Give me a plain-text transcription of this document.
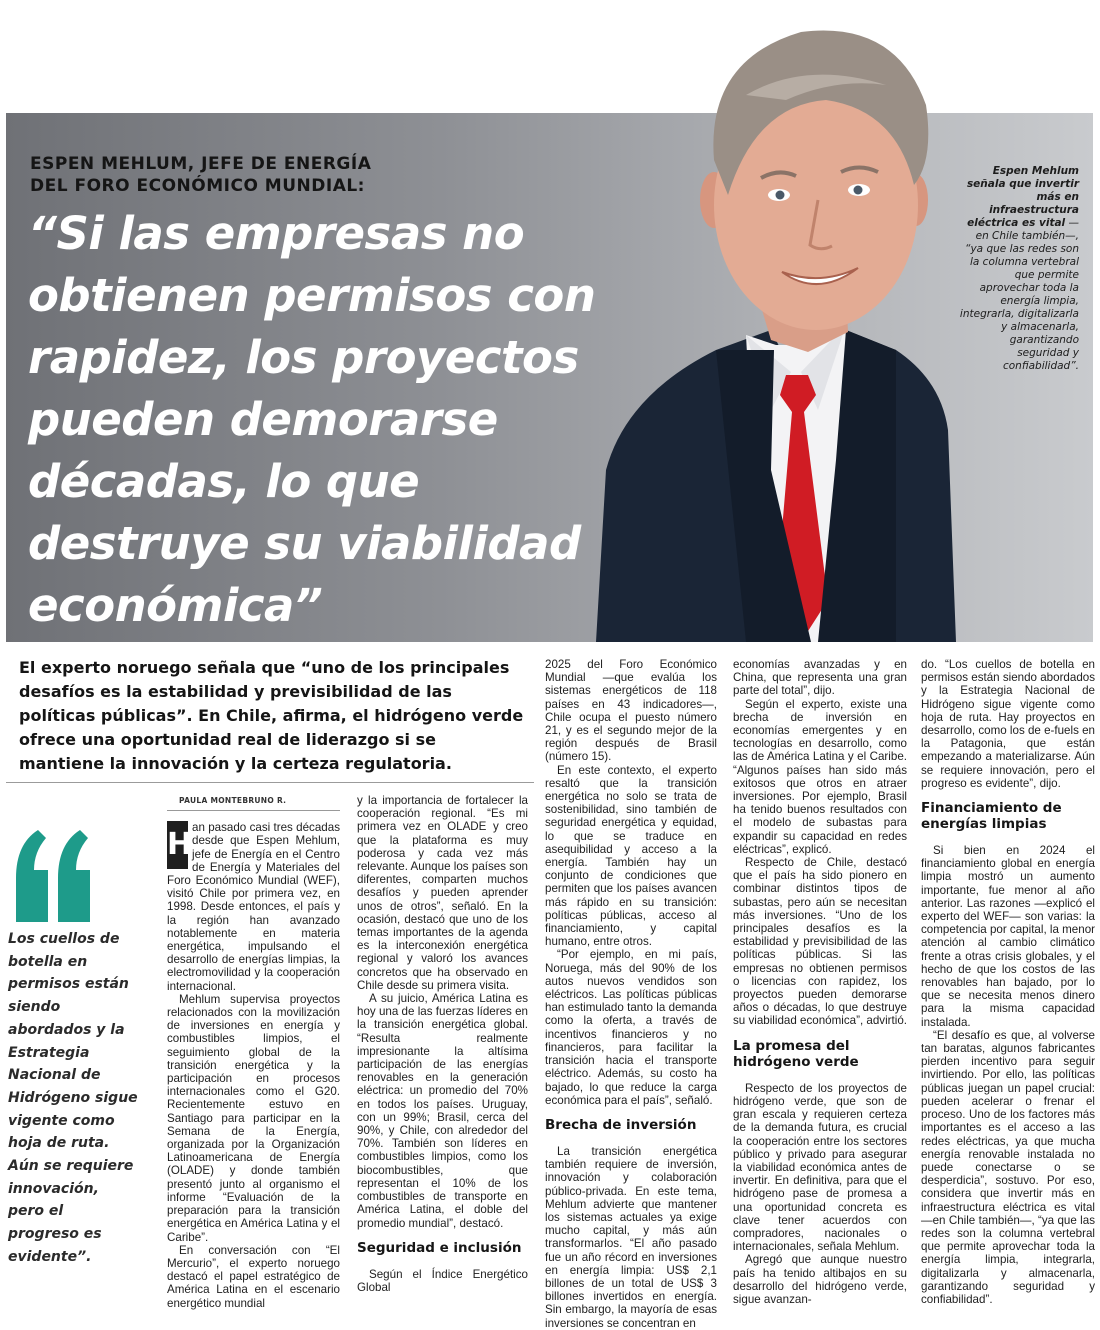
ESPEN MEHLUM, JEFE DE ENERGÍA DEL FORO ECONÓMICO MUNDIAL:
“Si las empresas no obtienen permisos con rapidez, los proyectos pueden demorarse décadas, lo que destruye su viabilidad económica”
Espen Mehlum señala que invertir más en infraestructura eléctrica es vital —en Chile también—, “ya que las redes son la columna vertebral que permite aprovechar toda la energía limpia, integrarla, digitalizarla y almacenarla, garantizando seguridad y confiabilidad”.
El experto noruego señala que “uno de los principales desafíos es la estabilidad y previsibilidad de las políticas públicas”. En Chile, afirma, el hidrógeno verde ofrece una oportunidad real de liderazgo si se mantiene la innovación y la certeza regulatoria.
Los cuellos de botella en permisos están siendo abordados y la Estrategia Nacional de Hidrógeno sigue vigente como hoja de ruta. Aún se requiere innovación, pero el progreso es evidente”.
PAULA MONTEBRUNO R.

H an pasado casi tres décadas desde que Espen Mehlum, jefe de Energía en el Centro de Energía y Materiales del Foro Económico Mundial (WEF), visitó Chile por primera vez, en 1998. Desde entonces, el país y la región han avanzado notablemente en materia energética, impulsando el desarrollo de energías limpias, la electromovilidad y la cooperación internacional.

Mehlum supervisa proyectos relacionados con la movilización de inversiones en energía y combustibles limpios, el seguimiento global de la transición energética y la participación en procesos internacionales como el G20. Recientemente estuvo en Santiago para participar en la Semana de la Energía, organizada por la Organización Latinoamericana de Energía (OLADE) y donde también presentó junto al organismo el informe “Evaluación de la preparación para la transición energética en América Latina y el Caribe”.

En conversación con “El Mercurio”, el experto noruego destacó el papel estratégico de América Latina en el escenario energético mundial

y la importancia de fortalecer la cooperación regional. “Es mi primera vez en OLADE y creo que la plataforma es muy poderosa y cada vez más relevante. Aunque los países son diferentes, comparten muchos desafíos y pueden aprender unos de otros”, señaló. En la ocasión, destacó que uno de los temas importantes de la agenda es la interconexión energética regional y valoró los avances concretos que ha observado en Chile desde su primera visita.

A su juicio, América Latina es hoy una de las fuerzas líderes en la transición energética global. “Resulta realmente impresionante la altísima participación de las energías renovables en la generación eléctrica: un promedio del 70% en todos los países. Uruguay, con un 99%; Brasil, cerca del 90%, y Chile, con alrededor del 70%. También son líderes en combustibles limpios, como los biocombustibles, que representan el 10% de los combustibles de transporte en América Latina, el doble del promedio mundial”, destacó.

Seguridad e inclusión

Según el Índice Energético Global

2025 del Foro Económico Mundial —que evalúa los sistemas energéticos de 118 países en 43 indicadores—, Chile ocupa el puesto número 21, y es el segundo mejor de la región después de Brasil (número 15).

En este contexto, el experto resaltó que la transición energética no solo se trata de sostenibilidad, sino también de seguridad energética y equidad, lo que se traduce en asequibilidad y acceso a la energía. También hay un conjunto de condiciones que permiten que los países avancen más rápido en su transición: políticas públicas, acceso al financiamiento, y capital humano, entre otros.

“Por ejemplo, en mi país, Noruega, más del 90% de los autos nuevos vendidos son eléctricos. Las políticas públicas han estimulado tanto la demanda como la oferta, a través de incentivos financieros y no financieros, para facilitar la transición hacia el transporte eléctrico. Además, su costo ha bajado, lo que reduce la carga económica para el país”, señaló.

Brecha de inversión

La transición energética también requiere de inversión, innovación y colaboración público-privada. En este tema, Mehlum advierte que mantener los sistemas actuales ya exige mucho capital, y más aún transformarlos. “El año pasado fue un año récord en inversiones en energía limpia: US$ 2,1 billones de un total de US$ 3 billones invertidos en energía. Sin embargo, la mayoría de esas inversiones se concentran en

economías avanzadas y en China, que representa una gran parte del total”, dijo.

Según el experto, existe una brecha de inversión en economías emergentes y en tecnologías en desarrollo, como las de América Latina y el Caribe. “Algunos países han sido más exitosos que otros en atraer inversiones. Por ejemplo, Brasil ha tenido buenos resultados con el modelo de subastas para expandir su capacidad en redes eléctricas”, explicó.

Respecto de Chile, destacó que el país ha sido pionero en combinar distintos tipos de subastas, pero aún se necesitan más inversiones. “Uno de los principales desafíos es la estabilidad y previsibilidad de las políticas públicas. Si las empresas no obtienen permisos o licencias con rapidez, los proyectos pueden demorarse años o décadas, lo que destruye su viabilidad económica”, advirtió.

La promesa del hidrógeno verde

Respecto de los proyectos de hidrógeno verde, que son de gran escala y requieren certeza de la demanda futura, es crucial la cooperación entre los sectores público y privado para asegurar la viabilidad económica antes de invertir. En definitiva, para que el hidrógeno pase de promesa a una oportunidad concreta es clave tener acuerdos con compradores, nacionales o internacionales, señala Mehlum.

Agregó que aunque nuestro país ha tenido altibajos en su desarrollo del hidrógeno verde, sigue avanzan-

do. “Los cuellos de botella en permisos están siendo abordados y la Estrategia Nacional de Hidrógeno sigue vigente como hoja de ruta. Hay proyectos en desarrollo, como los de e-fuels en la Patagonia, que están empezando a materializarse. Aún se requiere innovación, pero el progreso es evidente”, dijo.

Financiamiento de energías limpias

Si bien en 2024 el financiamiento global en energía limpia mostró un aumento importante, fue menor al año anterior. Las razones —explicó el experto del WEF— son varias: la competencia por capital, la menor atención al cambio climático frente a otras crisis globales, y el hecho de que los costos de las renovables han bajado, por lo que se necesita menos dinero para la misma capacidad instalada.

“El desafío es que, al volverse tan baratas, algunos fabricantes pierden incentivo para seguir invirtiendo. Por ello, las políticas públicas juegan un papel crucial: pueden acelerar o frenar el proceso. Uno de los factores más importantes es el acceso a las redes eléctricas, ya que mucha energía renovable instalada no puede conectarse o se desperdicia”, sostuvo. Por eso, considera que invertir más en infraestructura eléctrica es vital —en Chile también—, “ya que las redes son la columna vertebral que permite aprovechar toda la energía limpia, integrarla, digitalizarla y almacenarla, garantizando seguridad y confiabilidad”.
